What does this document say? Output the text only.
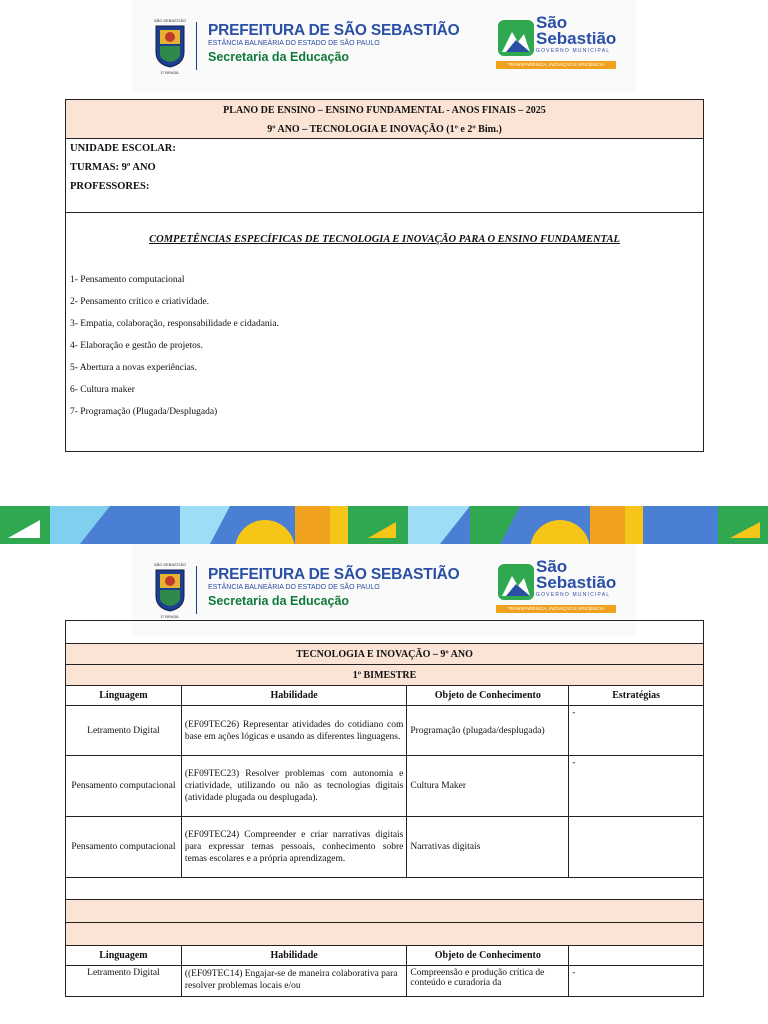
SÃO SEBASTIÃO
1º BRASIL
PREFEITURA DE SÃO SEBASTIÃO
ESTÂNCIA BALNEÁRIA DO ESTADO DE SÃO PAULO
Secretaria da Educação
São
Sebastião
GOVERNO MUNICIPAL
TRANSPARÊNCIA, INOVAÇÃO E EFICIÊNCIA
PLANO DE ENSINO – ENSINO FUNDAMENTAL - ANOS FINAIS – 2025
9º ANO – TECNOLOGIA E INOVAÇÃO (1º e 2º Bim.)

UNIDADE ESCOLAR:
TURMAS: 9º ANO
PROFESSORES:

COMPETÊNCIAS ESPECÍFICAS DE TECNOLOGIA E INOVAÇÃO PARA O ENSINO FUNDAMENTAL
1- Pensamento computacional
2- Pensamento crítico e criatividade.
3- Empatia, colaboração, responsabilidade e cidadania.
4- Elaboração e gestão de projetos.
5- Abertura a novas experiências.
6- Cultura maker
7- Programação (Plugada/Desplugada)
SÃO SEBASTIÃO
1º BRASIL
PREFEITURA DE SÃO SEBASTIÃO
ESTÂNCIA BALNEÁRIA DO ESTADO DE SÃO PAULO
Secretaria da Educação
São
Sebastião
GOVERNO MUNICIPAL
TRANSPARÊNCIA, INOVAÇÃO E EFICIÊNCIA

TECNOLOGIA E INOVAÇÃO – 9º ANO			
1º BIMESTRE			
Linguagem	Habilidade	Objeto de Conhecimento	Estratégias
Letramento Digital	(EF09TEC26) Representar atividades do cotidiano com base em ações lógicas e usando as diferentes linguagens.	Programação (plugada/desplugada)	-
Pensamento computacional	(EF09TEC23) Resolver problemas com autonomia e criatividade, utilizando ou não as tecnologias digitais (atividade plugada ou desplugada).	Cultura Maker	-
Pensamento computacional	(EF09TEC24) Compreender e criar narrativas digitais para expressar temas pessoais, conhecimento sobre temas escolares e a própria aprendizagem.	Narrativas digitais	

Linguagem	Habilidade	Objeto de Conhecimento	
Letramento Digital	((EF09TEC14) Engajar-se de maneira colaborativa para resolver problemas locais e/ou	Compreensão e produção crítica de conteúdo e curadoria da	-
